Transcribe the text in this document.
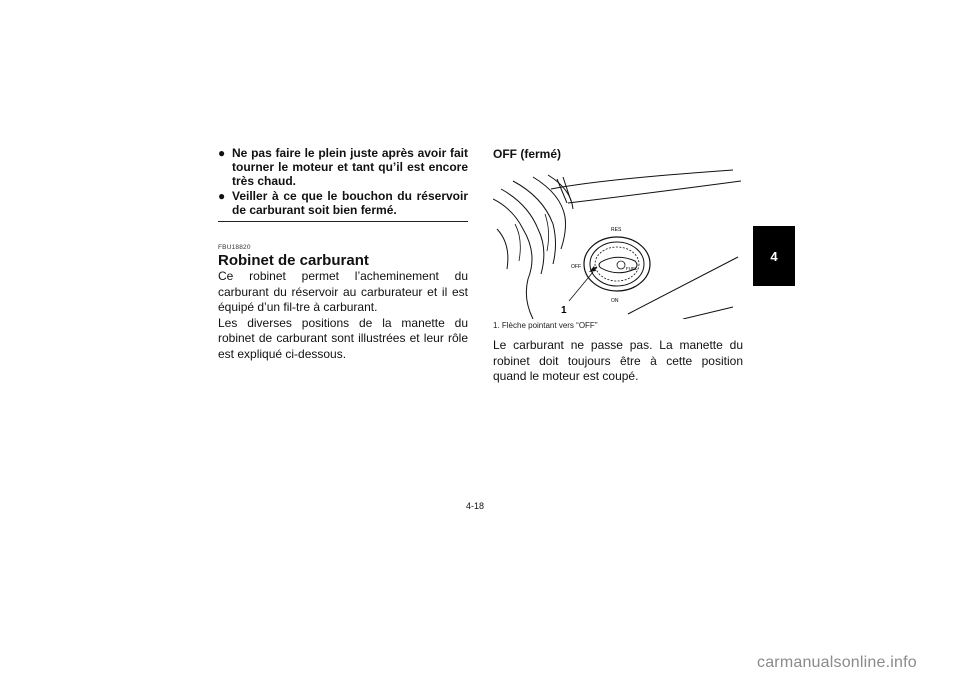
● Ne pas faire le plein juste après avoir fait tourner le moteur et tant qu’il est encore très chaud.
● Veiller à ce que le bouchon du réservoir de carburant soit bien fermé.
FBU18820
Robinet de carburant
Ce robinet permet l’acheminement du carburant du réservoir au carburateur et il est équipé d’un fil-tre à carburant.
Les diverses positions de la manette du robinet de carburant sont illustrées et leur rôle est expliqué ci-dessous.
OFF (fermé)
RES
OFF
ON
FUEL
1
1. Flèche pointant vers “OFF”
Le carburant ne passe pas. La manette du robinet doit toujours être à cette position quand le moteur est coupé.
4-18
4
carmanualsonline.info
